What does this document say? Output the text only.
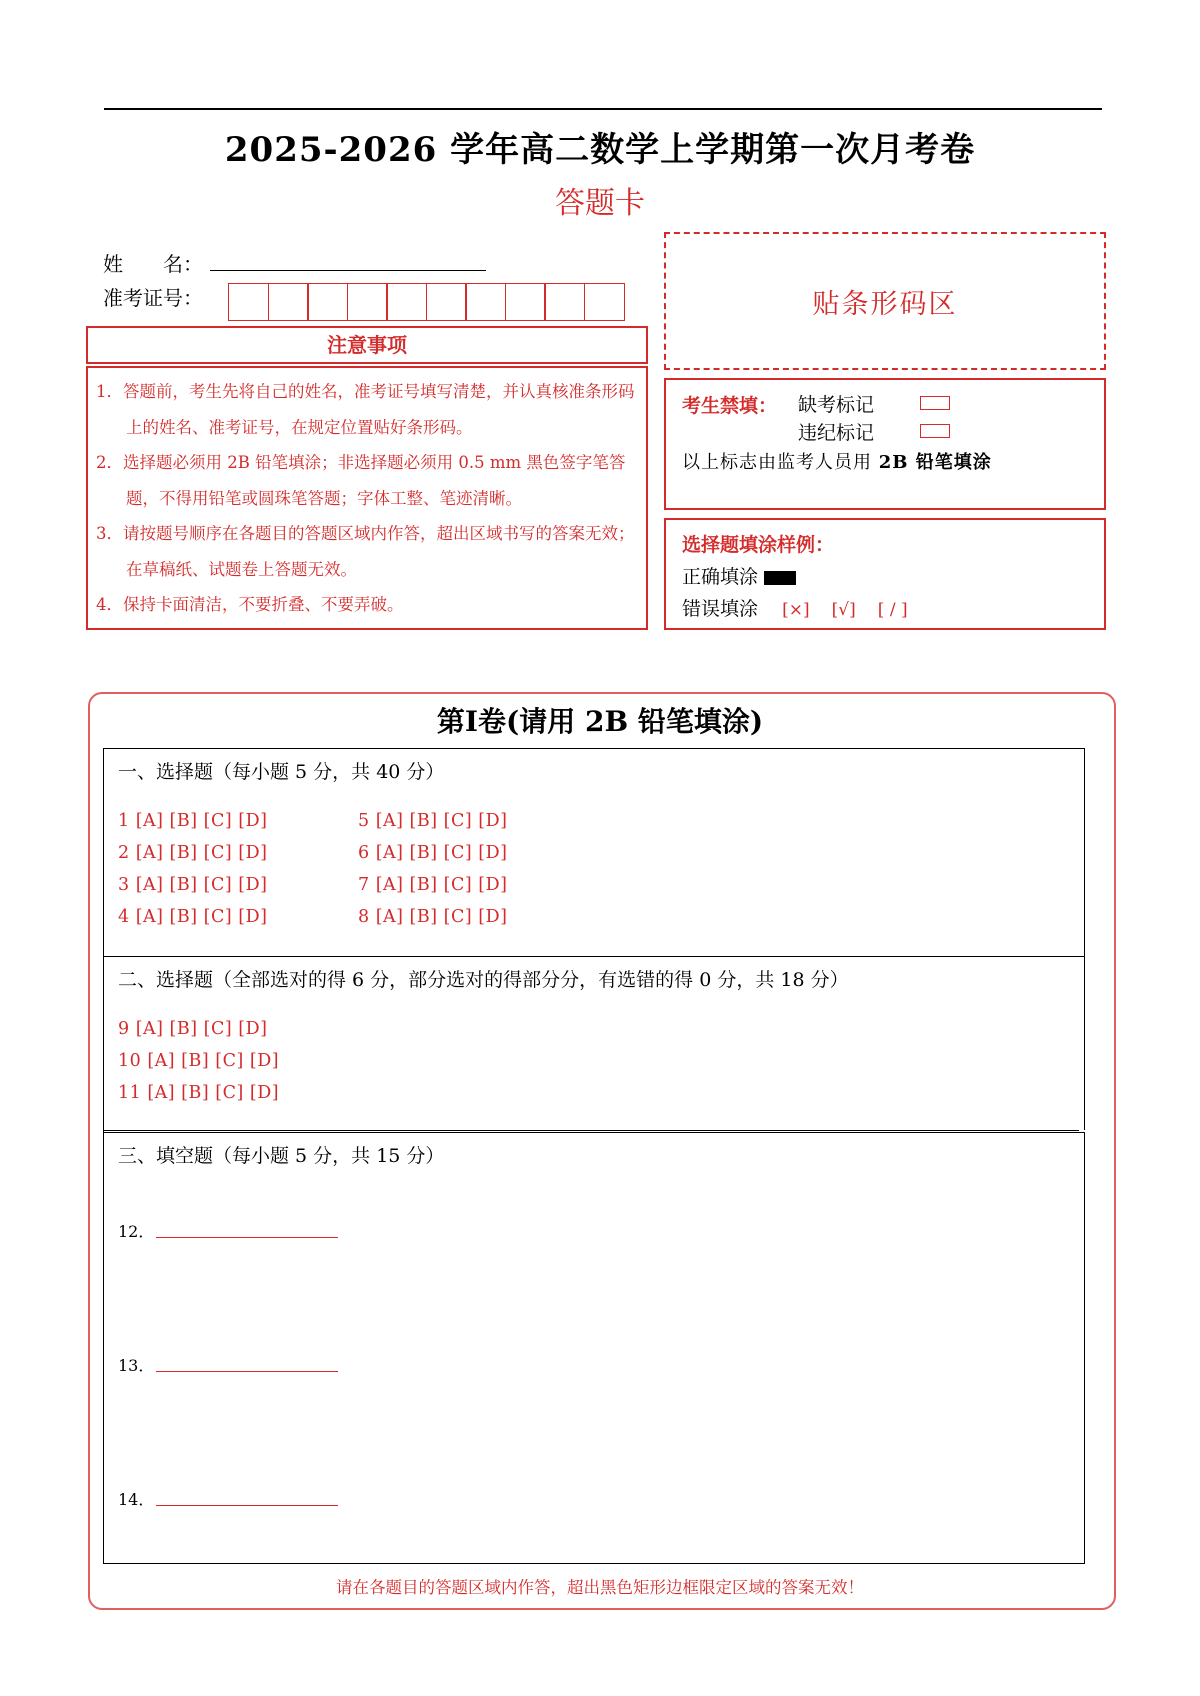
2025-2026 学年高二数学上学期第一次月考卷
答题卡
姓　　名：
准考证号：	贴条形码区
注意事项
1．答题前，考生先将自己的姓名，准考证号填写清楚，并认真核准条形码上的姓名、准考证号，在规定位置贴好条形码。
2．选择题必须用 2B 铅笔填涂；非选择题必须用 0.5 mm 黑色签字笔答题，不得用铅笔或圆珠笔答题；字体工整、笔迹清晰。
3．请按题号顺序在各题目的答题区域内作答，超出区域书写的答案无效；在草稿纸、试题卷上答题无效。
4．保持卡面清洁，不要折叠、不要弄破。
考生禁填： 缺考标记
违纪标记
以上标志由监考人员用 2B 铅笔填涂
选择题填涂样例：
正确填涂
错误填涂 [×] [√] [ / ]
第Ⅰ卷(请用 2B 铅笔填涂)
一、选择题（每小题 5 分，共 40 分）
1 [A] [B] [C] [D]
2 [A] [B] [C] [D]
3 [A] [B] [C] [D]
4 [A] [B] [C] [D]
5 [A] [B] [C] [D]
6 [A] [B] [C] [D]
7 [A] [B] [C] [D]
8 [A] [B] [C] [D]
二、选择题（全部选对的得 6 分，部分选对的得部分分，有选错的得 0 分，共 18 分）
9 [A] [B] [C] [D]
10 [A] [B] [C] [D]
11 [A] [B] [C] [D]
三、填空题（每小题 5 分，共 15 分）
12．
13．
14．
请在各题目的答题区域内作答，超出黑色矩形边框限定区域的答案无效！
